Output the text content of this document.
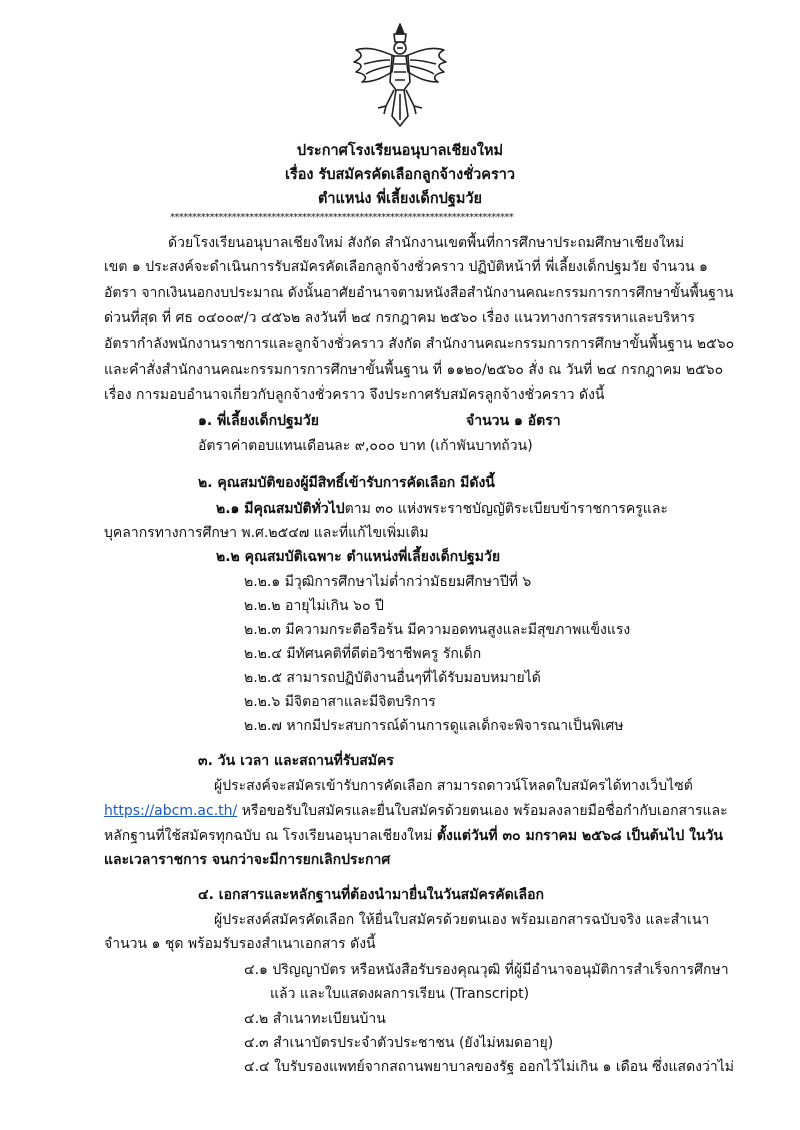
ประกาศโรงเรียนอนุบาลเชียงใหม่
เรื่อง รับสมัครคัดเลือกลูกจ้างชั่วคราว
ตำแหน่ง พี่เลี้ยงเด็กปฐมวัย
******************************************************************************
ด้วยโรงเรียนอนุบาลเชียงใหม่ สังกัด สำนักงานเขตพื้นที่การศึกษาประถมศึกษาเชียงใหม่
เขต ๑ ประสงค์จะดำเนินการรับสมัครคัดเลือกลูกจ้างชั่วคราว ปฏิบัติหน้าที่ พี่เลี้ยงเด็กปฐมวัย จำนวน ๑
อัตรา จากเงินนอกงบประมาณ ดังนั้นอาศัยอำนาจตามหนังสือสำนักงานคณะกรรมการการศึกษาขั้นพื้นฐาน
ด่วนที่สุด ที่ ศธ ๐๔๐๐๙/ว ๔๕๖๒ ลงวันที่ ๒๔ กรกฎาคม ๒๕๖๐ เรื่อง แนวทางการสรรหาและบริหาร
อัตรากำลังพนักงานราชการและลูกจ้างชั่วคราว สังกัด สำนักงานคณะกรรมการการศึกษาขั้นพื้นฐาน ๒๕๖๐
และคำสั่งสำนักงานคณะกรรมการการศึกษาขั้นพื้นฐาน ที่ ๑๑๒๐/๒๕๖๐ สั่ง ณ วันที่ ๒๔ กรกฎาคม ๒๕๖๐
เรื่อง การมอบอำนาจเกี่ยวกับลูกจ้างชั่วคราว จึงประกาศรับสมัครลูกจ้างชั่วคราว ดังนี้
๑. พี่เลี้ยงเด็กปฐมวัย	จำนวน ๑ อัตรา
อัตราค่าตอบแทนเดือนละ ๙,๐๐๐ บาท (เก้าพันบาทถ้วน)
๒. คุณสมบัติของผู้มีสิทธิ์เข้ารับการคัดเลือก มีดังนี้
๒.๑ มีคุณสมบัติทั่วไปตาม ๓๐ แห่งพระราชบัญญัติระเบียบข้าราชการครูและ
บุคลากรทางการศึกษา พ.ศ.๒๕๔๗ และที่แก้ไขเพิ่มเติม
๒.๒ คุณสมบัติเฉพาะ ตำแหน่งพี่เลี้ยงเด็กปฐมวัย
๒.๒.๑ มีวุฒิการศึกษาไม่ต่ำกว่ามัธยมศึกษาปีที่ ๖
๒.๒.๒ อายุไม่เกิน ๖๐ ปี
๒.๒.๓ มีความกระตือรือร้น มีความอดทนสูงและมีสุขภาพแข็งแรง
๒.๒.๔ มีทัศนคติที่ดีต่อวิชาชีพครู รักเด็ก
๒.๒.๕ สามารถปฏิบัติงานอื่นๆที่ได้รับมอบหมายได้
๒.๒.๖ มีจิตอาสาและมีจิตบริการ
๒.๒.๗ หากมีประสบการณ์ด้านการดูแลเด็กจะพิจารณาเป็นพิเศษ
๓. วัน เวลา และสถานที่รับสมัคร
ผู้ประสงค์จะสมัครเข้ารับการคัดเลือก สามารถดาวน์โหลดใบสมัครได้ทางเว็บไซต์
https://abcm.ac.th/ หรือขอรับใบสมัครและยื่นใบสมัครด้วยตนเอง พร้อมลงลายมือชื่อกำกับเอกสารและ
หลักฐานที่ใช้สมัครทุกฉบับ ณ โรงเรียนอนุบาลเชียงใหม่ ตั้งแต่วันที่ ๓๐ มกราคม ๒๕๖๘ เป็นต้นไป ในวัน
และเวลาราชการ จนกว่าจะมีการยกเลิกประกาศ
๔. เอกสารและหลักฐานที่ต้องนำมายื่นในวันสมัครคัดเลือก
ผู้ประสงค์สมัครคัดเลือก ให้ยื่นใบสมัครด้วยตนเอง พร้อมเอกสารฉบับจริง และสำเนา
จำนวน ๑ ชุด พร้อมรับรองสำเนาเอกสาร ดังนี้
๔.๑ ปริญญาบัตร หรือหนังสือรับรองคุณวุฒิ ที่ผู้มีอำนาจอนุมัติการสำเร็จการศึกษา
แล้ว และใบแสดงผลการเรียน (Transcript)
๔.๒ สำเนาทะเบียนบ้าน
๔.๓ สำเนาบัตรประจำตัวประชาชน (ยังไม่หมดอายุ)
๔.๔ ใบรับรองแพทย์จากสถานพยาบาลของรัฐ ออกไว้ไม่เกิน ๑ เดือน ซึ่งแสดงว่าไม่
